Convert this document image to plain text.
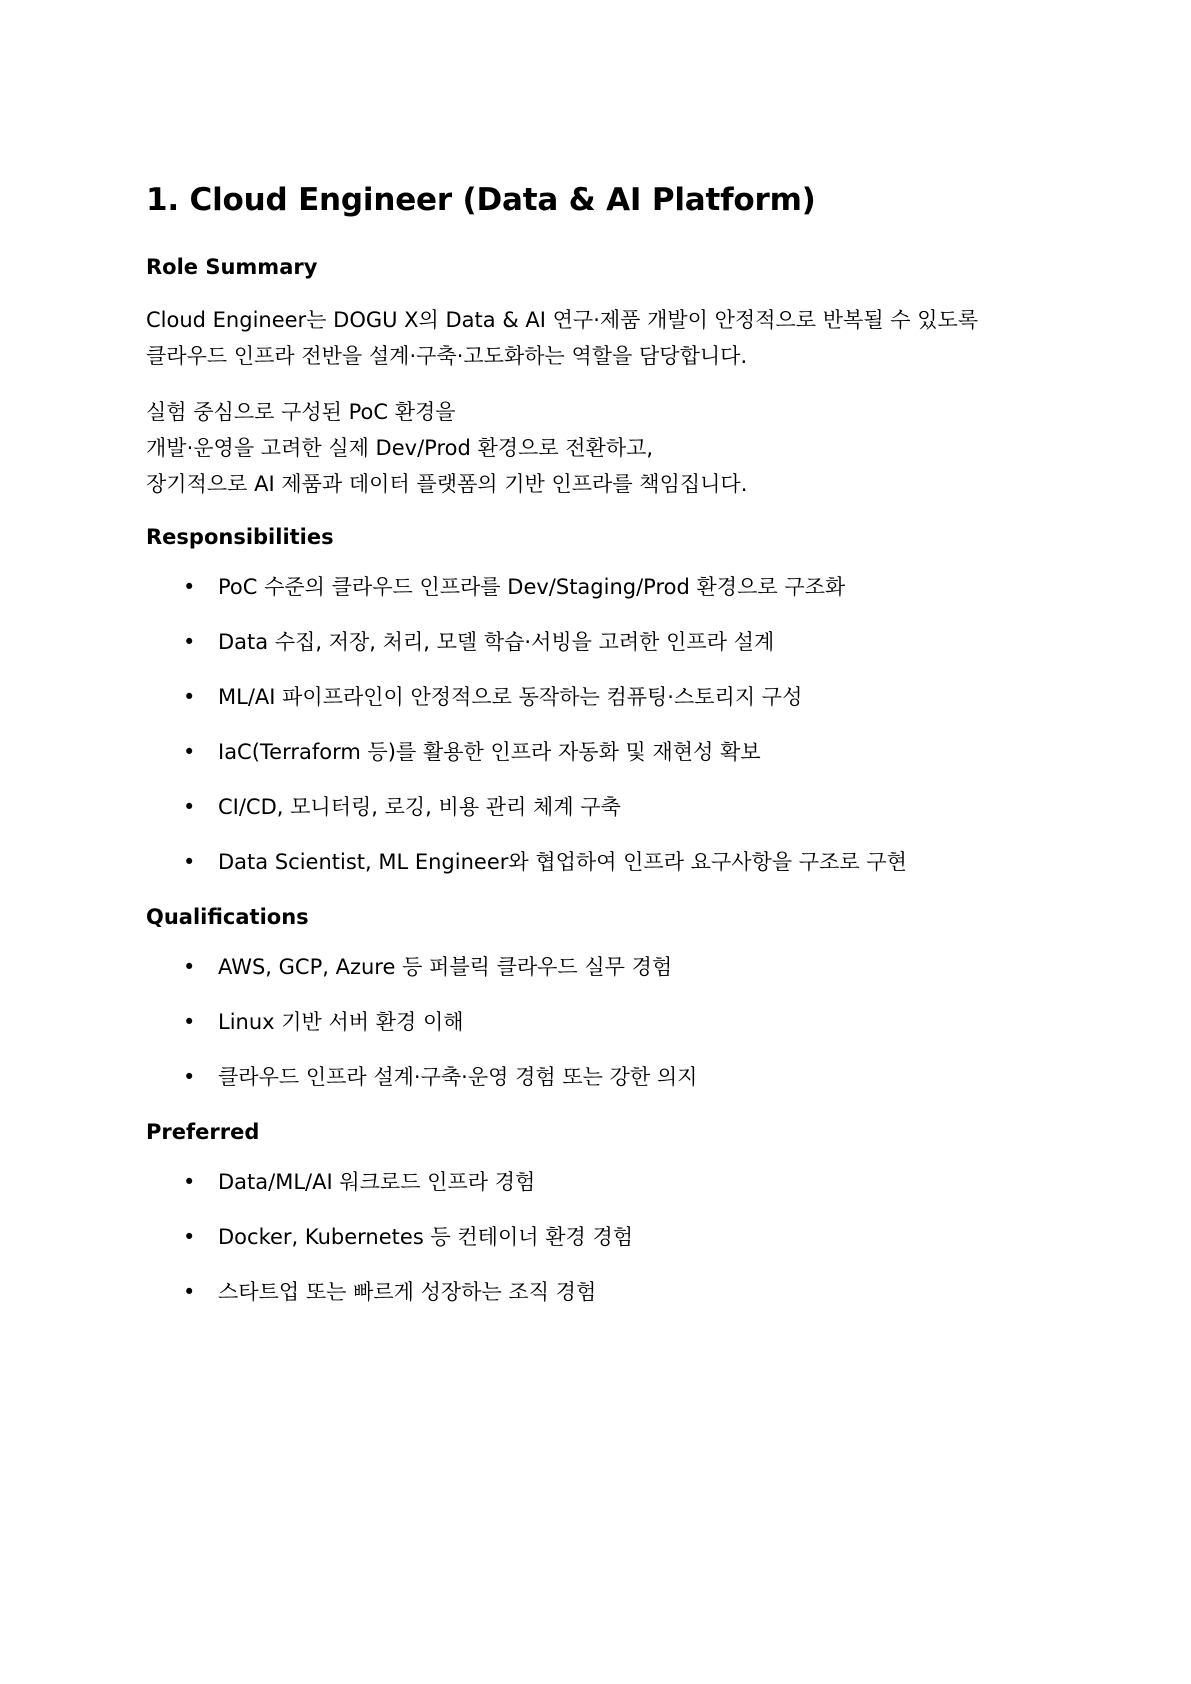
1. Cloud Engineer (Data & AI Platform)
Role Summary

Cloud Engineer는 DOGU X의 Data & AI 연구·제품 개발이 안정적으로 반복될 수 있도록
클라우드 인프라 전반을 설계·구축·고도화하는 역할을 담당합니다.

실험 중심으로 구성된 PoC 환경을
개발·운영을 고려한 실제 Dev/Prod 환경으로 전환하고,
장기적으로 AI 제품과 데이터 플랫폼의 기반 인프라를 책임집니다.

Responsibilities
• PoC 수준의 클라우드 인프라를 Dev/Staging/Prod 환경으로 구조화
• Data 수집, 저장, 처리, 모델 학습·서빙을 고려한 인프라 설계
• ML/AI 파이프라인이 안정적으로 동작하는 컴퓨팅·스토리지 구성
• IaC(Terraform 등)를 활용한 인프라 자동화 및 재현성 확보
• CI/CD, 모니터링, 로깅, 비용 관리 체계 구축
• Data Scientist, ML Engineer와 협업하여 인프라 요구사항을 구조로 구현
Qualifications
• AWS, GCP, Azure 등 퍼블릭 클라우드 실무 경험
• Linux 기반 서버 환경 이해
• 클라우드 인프라 설계·구축·운영 경험 또는 강한 의지
Preferred
• Data/ML/AI 워크로드 인프라 경험
• Docker, Kubernetes 등 컨테이너 환경 경험
• 스타트업 또는 빠르게 성장하는 조직 경험
